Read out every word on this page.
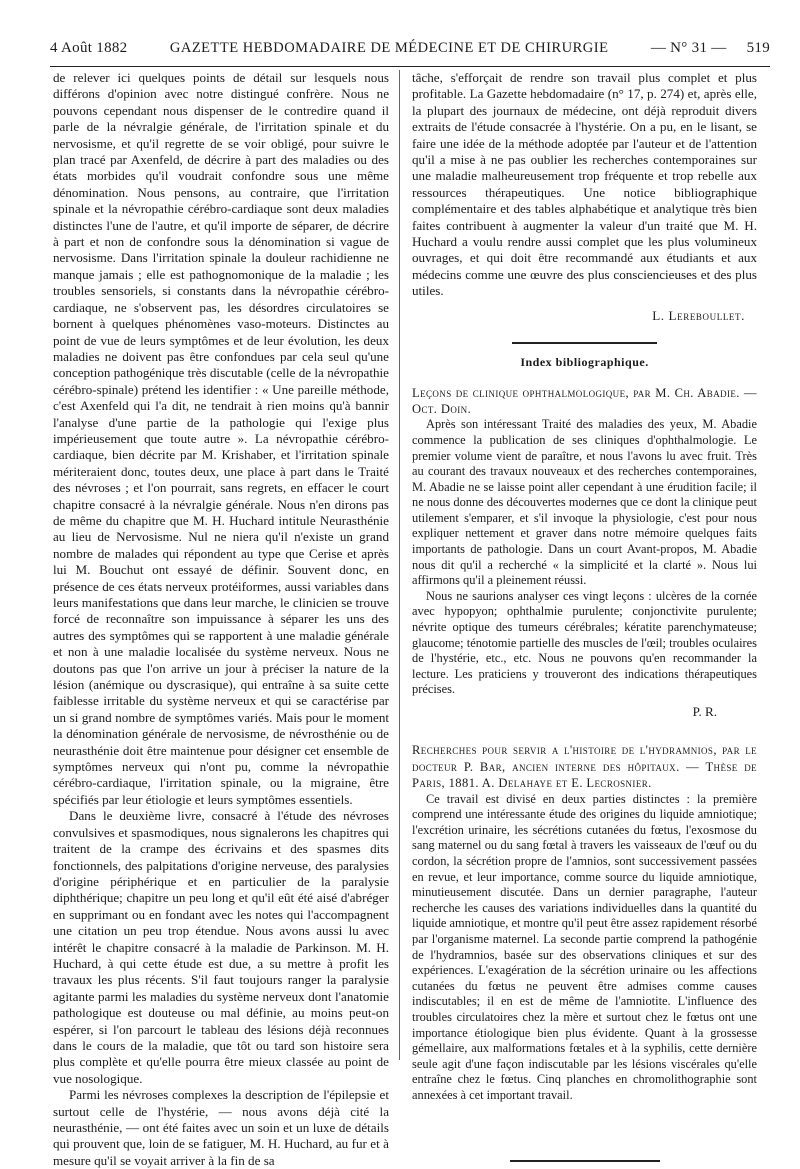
4 Août 1882	GAZETTE HEBDOMADAIRE DE MÉDECINE ET DE CHIRURGIE	— N° 31 — 519

de relever ici quelques points de détail sur lesquels nous différons d'opinion avec notre distingué confrère. Nous ne pouvons cependant nous dispenser de le contredire quand il parle de la névralgie générale, de l'irritation spinale et du nervosisme, et qu'il regrette de se voir obligé, pour suivre le plan tracé par Axenfeld, de décrire à part des maladies ou des états morbides qu'il voudrait confondre sous une même dénomination. Nous pensons, au contraire, que l'irritation spinale et la névropathie cérébro-cardiaque sont deux maladies distinctes l'une de l'autre, et qu'il importe de séparer, de décrire à part et non de confondre sous la dénomination si vague de nervosisme. Dans l'irritation spinale la douleur rachidienne ne manque jamais ; elle est pathognomonique de la maladie ; les troubles sensoriels, si constants dans la névropathie cérébro-cardiaque, ne s'observent pas, les désordres circulatoires se bornent à quelques phénomènes vaso-moteurs. Distinctes au point de vue de leurs symptômes et de leur évolution, les deux maladies ne doivent pas être confondues par cela seul qu'une conception pathogénique très discutable (celle de la névropathie cérébro-spinale) prétend les identifier : « Une pareille méthode, c'est Axenfeld qui l'a dit, ne tendrait à rien moins qu'à bannir l'analyse d'une partie de la pathologie qui l'exige plus impérieusement que toute autre ». La névropathie cérébro-cardiaque, bien décrite par M. Krishaber, et l'irritation spinale mériteraient donc, toutes deux, une place à part dans le Traité des névroses ; et l'on pourrait, sans regrets, en effacer le court chapitre consacré à la névralgie générale. Nous n'en dirons pas de même du chapitre que M. H. Huchard intitule Neurasthénie au lieu de Nervosisme. Nul ne niera qu'il n'existe un grand nombre de malades qui répondent au type que Cerise et après lui M. Bouchut ont essayé de définir. Souvent donc, en présence de ces états nerveux protéiformes, aussi variables dans leurs manifestations que dans leur marche, le clinicien se trouve forcé de reconnaître son impuissance à séparer les uns des autres des symptômes qui se rapportent à une maladie générale et non à une maladie localisée du système nerveux. Nous ne doutons pas que l'on arrive un jour à préciser la nature de la lésion (anémique ou dyscrasique), qui entraîne à sa suite cette faiblesse irritable du système nerveux et qui se caractérise par un si grand nombre de symptômes variés. Mais pour le moment la dénomination générale de nervosisme, de névrosthénie ou de neurasthénie doit être maintenue pour désigner cet ensemble de symptômes nerveux qui n'ont pu, comme la névropathie cérébro-cardiaque, l'irritation spinale, ou la migraine, être spécifiés par leur étiologie et leurs symptômes essentiels.

Dans le deuxième livre, consacré à l'étude des névroses convulsives et spasmodiques, nous signalerons les chapitres qui traitent de la crampe des écrivains et des spasmes dits fonctionnels, des palpitations d'origine nerveuse, des paralysies d'origine périphérique et en particulier de la paralysie diphthérique; chapitre un peu long et qu'il eût été aisé d'abréger en supprimant ou en fondant avec les notes qui l'accompagnent une citation un peu trop étendue. Nous avons aussi lu avec intérêt le chapitre consacré à la maladie de Parkinson. M. H. Huchard, à qui cette étude est due, a su mettre à profit les travaux les plus récents. S'il faut toujours ranger la paralysie agitante parmi les maladies du système nerveux dont l'anatomie pathologique est douteuse ou mal définie, au moins peut-on espérer, si l'on parcourt le tableau des lésions déjà reconnues dans le cours de la maladie, que tôt ou tard son histoire sera plus complète et qu'elle pourra être mieux classée au point de vue nosologique.

Parmi les névroses complexes la description de l'épilepsie et surtout celle de l'hystérie, — nous avons déjà cité la neurasthénie, — ont été faites avec un soin et un luxe de détails qui prouvent que, loin de se fatiguer, M. H. Huchard, au fur et à mesure qu'il se voyait arriver à la fin de sa

tâche, s'efforçait de rendre son travail plus complet et plus profitable. La Gazette hebdomadaire (n° 17, p. 274) et, après elle, la plupart des journaux de médecine, ont déjà reproduit divers extraits de l'étude consacrée à l'hystérie. On a pu, en le lisant, se faire une idée de la méthode adoptée par l'auteur et de l'attention qu'il a mise à ne pas oublier les recherches contemporaines sur une maladie malheureusement trop fréquente et trop rebelle aux ressources thérapeutiques. Une notice bibliographique complémentaire et des tables alphabétique et analytique très bien faites contribuent à augmenter la valeur d'un traité que M. H. Huchard a voulu rendre aussi complet que les plus volumineux ouvrages, et qui doit être recommandé aux étudiants et aux médecins comme une œuvre des plus consciencieuses et des plus utiles.

L. Lereboullet.
Index bibliographique.

Leçons de clinique ophthalmologique, par M. Ch. Abadie. — Oct. Doin.

Après son intéressant Traité des maladies des yeux, M. Abadie commence la publication de ses cliniques d'ophthalmologie. Le premier volume vient de paraître, et nous l'avons lu avec fruit. Très au courant des travaux nouveaux et des recherches contemporaines, M. Abadie ne se laisse point aller cependant à une érudition facile; il ne nous donne des découvertes modernes que ce dont la clinique peut utilement s'emparer, et s'il invoque la physiologie, c'est pour nous expliquer nettement et graver dans notre mémoire quelques faits importants de pathologie. Dans un court Avant-propos, M. Abadie nous dit qu'il a recherché « la simplicité et la clarté ». Nous lui affirmons qu'il a pleinement réussi.

Nous ne saurions analyser ces vingt leçons : ulcères de la cornée avec hypopyon; ophthalmie purulente; conjonctivite purulente; névrite optique des tumeurs cérébrales; kératite parenchymateuse; glaucome; ténotomie partielle des muscles de l'œil; troubles oculaires de l'hystérie, etc., etc. Nous ne pouvons qu'en recommander la lecture. Les praticiens y trouveront des indications thérapeutiques précises.

P. R.

Recherches pour servir a l'histoire de l'hydramnios, par le docteur P. Bar, ancien interne des hôpitaux. — Thèse de Paris, 1881. A. Delahaye et E. Lecrosnier.

Ce travail est divisé en deux parties distinctes : la première comprend une intéressante étude des origines du liquide amniotique; l'excrétion urinaire, les sécrétions cutanées du fœtus, l'exosmose du sang maternel ou du sang fœtal à travers les vaisseaux de l'œuf ou du cordon, la sécrétion propre de l'amnios, sont successivement passées en revue, et leur importance, comme source du liquide amniotique, minutieusement discutée. Dans un dernier paragraphe, l'auteur recherche les causes des variations individuelles dans la quantité du liquide amniotique, et montre qu'il peut être assez rapidement résorbé par l'organisme maternel. La seconde partie comprend la pathogénie de l'hydramnios, basée sur des observations cliniques et sur des expériences. L'exagération de la sécrétion urinaire ou les affections cutanées du fœtus ne peuvent être admises comme causes indiscutables; il en est de même de l'amniotite. L'influence des troubles circulatoires chez la mère et surtout chez le fœtus ont une importance étiologique bien plus évidente. Quant à la grossesse gémellaire, aux malformations fœtales et à la syphilis, cette dernière seule agit d'une façon indiscutable par les lésions viscérales qu'elle entraîne chez le fœtus. Cinq planches en chromolithographie sont annexées à cet important travail.
